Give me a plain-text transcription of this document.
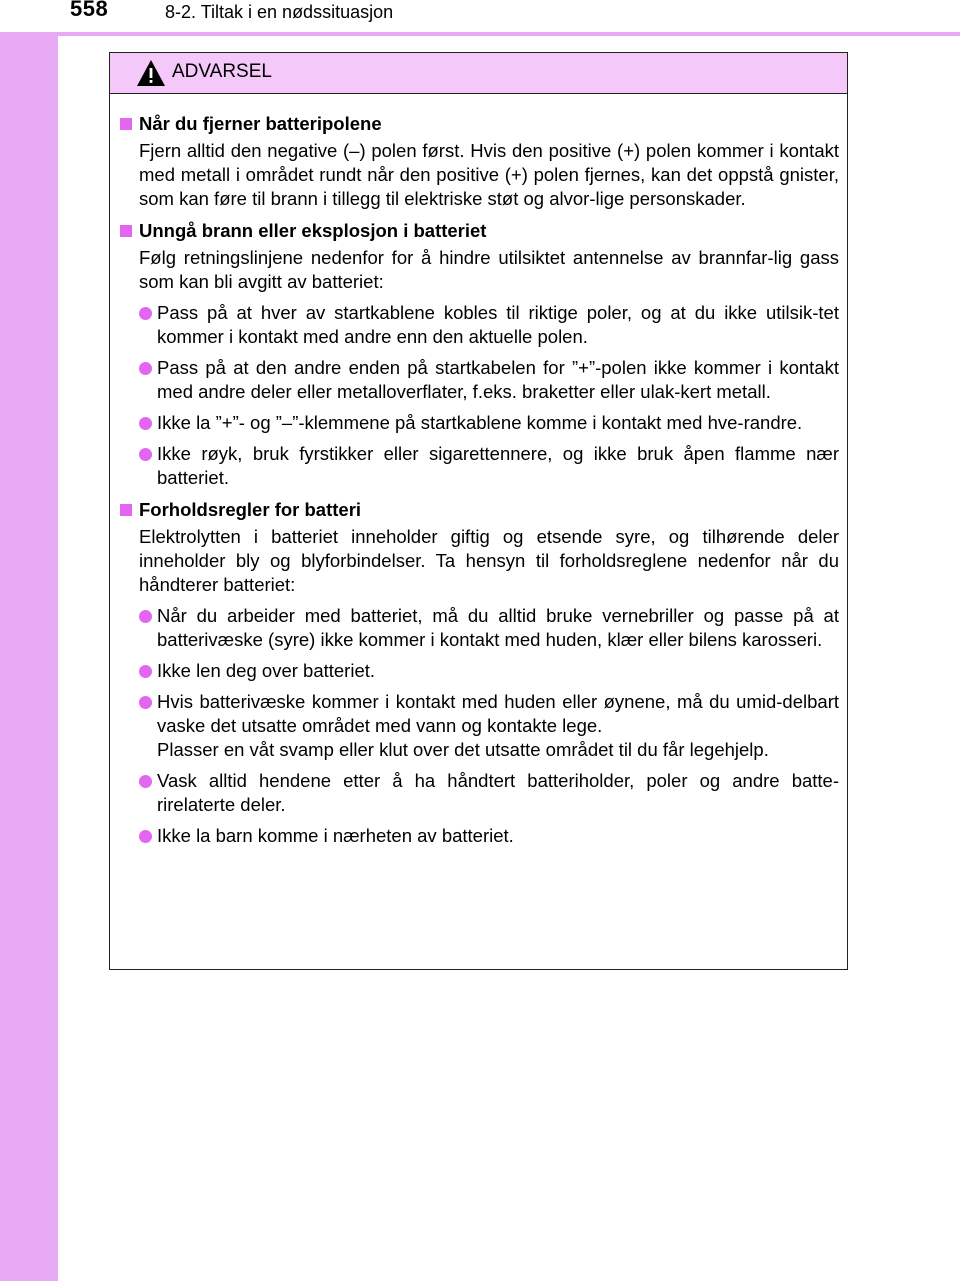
558	8-2. Tiltak i en nødssituasjon
ADVARSEL
Når du fjerner batteripolene
Fjern alltid den negative (–) polen først. Hvis den positive (+) polen kommer i kontakt med metall i området rundt når den positive (+) polen fjernes, kan det oppstå gnister, som kan føre til brann i tillegg til elektriske støt og alvor-lige personskader.
Unngå brann eller eksplosjon i batteriet
Følg retningslinjene nedenfor for å hindre utilsiktet antennelse av brannfar-lig gass som kan bli avgitt av batteriet:
Pass på at hver av startkablene kobles til riktige poler, og at du ikke utilsik-tet kommer i kontakt med andre enn den aktuelle polen.
Pass på at den andre enden på startkabelen for ”+”-polen ikke kommer i kontakt med andre deler eller metalloverflater, f.eks. braketter eller ulak-kert metall.
Ikke la ”+”- og ”–”-klemmene på startkablene komme i kontakt med hve-randre.
Ikke røyk, bruk fyrstikker eller sigarettennere, og ikke bruk åpen flamme nær batteriet.
Forholdsregler for batteri
Elektrolytten i batteriet inneholder giftig og etsende syre, og tilhørende deler inneholder bly og blyforbindelser. Ta hensyn til forholdsreglene nedenfor når du håndterer batteriet:
Når du arbeider med batteriet, må du alltid bruke vernebriller og passe på at batterivæske (syre) ikke kommer i kontakt med huden, klær eller bilens karosseri.
Ikke len deg over batteriet.
Hvis batterivæske kommer i kontakt med huden eller øynene, må du umid-delbart vaske det utsatte området med vann og kontakte lege.
Plasser en våt svamp eller klut over det utsatte området til du får legehjelp.
Vask alltid hendene etter å ha håndtert batteriholder, poler og andre batte-rirelaterte deler.
Ikke la barn komme i nærheten av batteriet.
